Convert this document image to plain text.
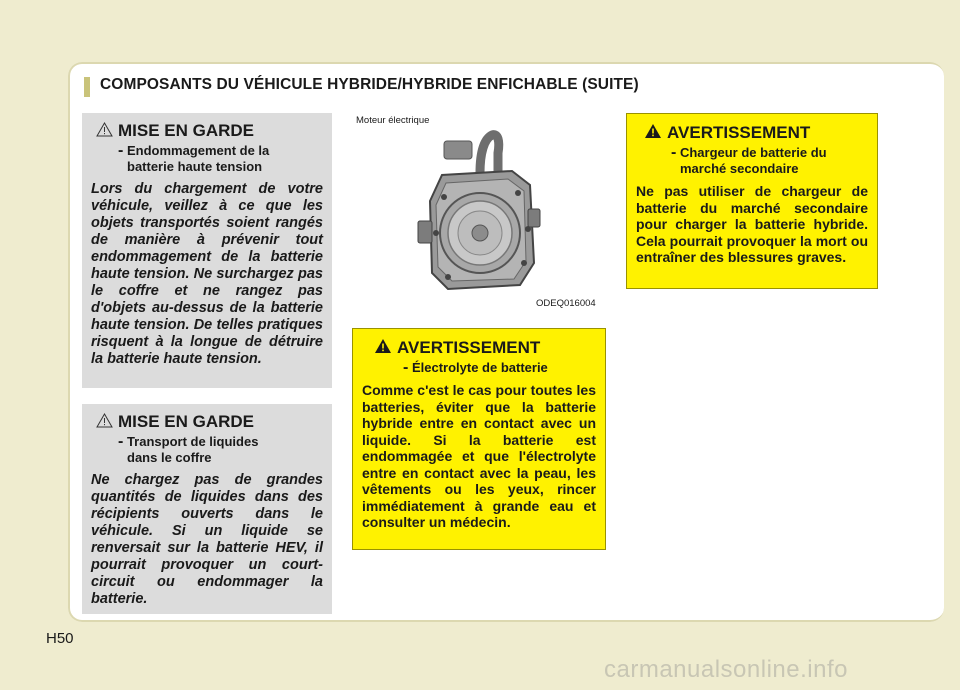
COMPOSANTS DU VÉHICULE HYBRIDE/HYBRIDE ENFICHABLE (SUITE)
MISE EN GARDE
- Endommagement de la
batterie haute tension
Lors du chargement de votre véhicule, veillez à ce que les objets transportés soient rangés de manière à prévenir tout endommagement de la batterie haute tension. Ne surchargez pas le coffre et ne rangez pas d'objets au-dessus de la batterie haute tension. De telles pratiques risquent à la longue de détruire la batterie haute tension.
MISE EN GARDE
- Transport de liquides
dans le coffre
Ne chargez pas de grandes quantités de liquides dans des récipients ouverts dans le véhicule. Si un liquide se renversait sur la batterie HEV, il pourrait provoquer un court-circuit ou endommager la batterie.
Moteur électrique
ODEQ016004
AVERTISSEMENT
- Électrolyte de batterie
Comme c'est le cas pour toutes les batteries, éviter que la batterie hybride entre en contact avec un liquide. Si la batterie est endommagée et que l'électrolyte entre en contact avec la peau, les vêtements ou les yeux, rincer immédiatement à grande eau et consulter un médecin.
AVERTISSEMENT
- Chargeur de batterie du
marché secondaire
Ne pas utiliser de chargeur de batterie du marché secondaire pour charger la batterie hybride. Cela pourrait provoquer la mort ou entraîner des blessures graves.
H50
carmanualsonline.info
